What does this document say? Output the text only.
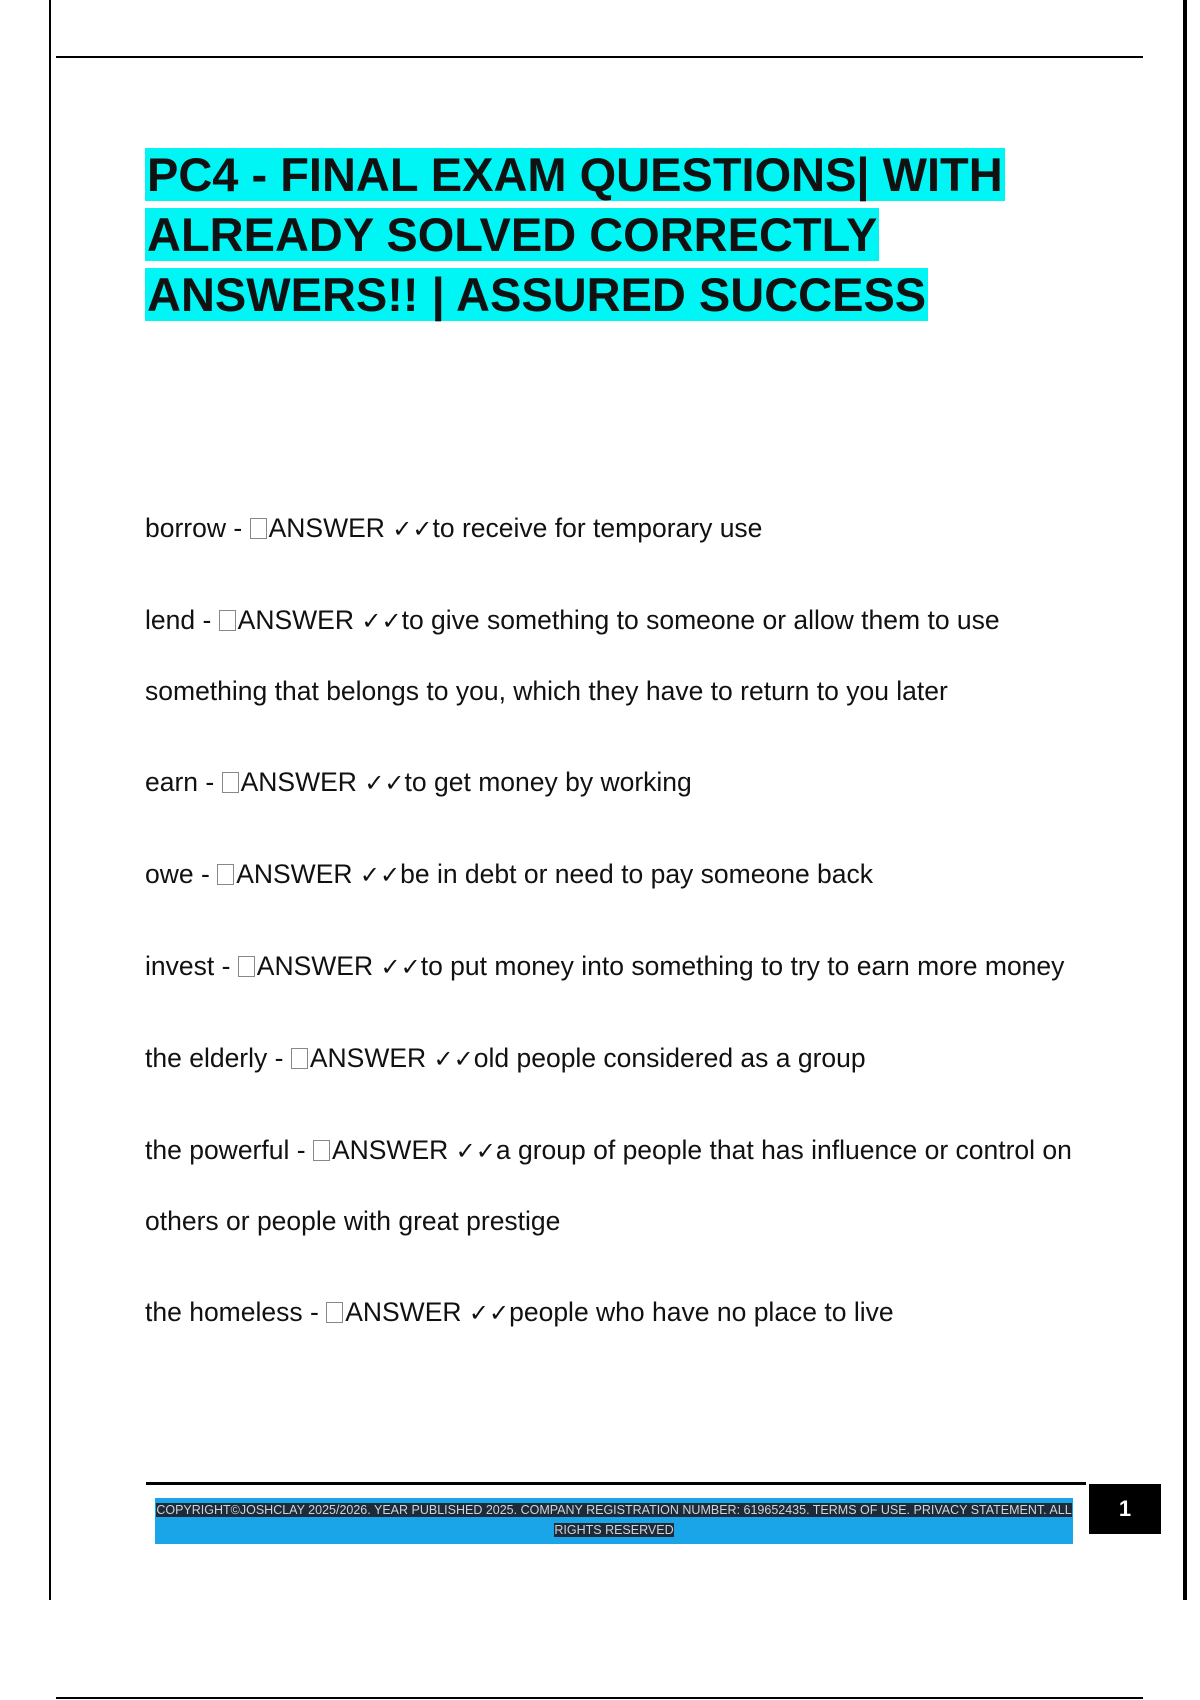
PC4 - FINAL EXAM QUESTIONS| WITH ALREADY SOLVED CORRECTLY ANSWERS!! | ASSURED SUCCESS

borrow - ANSWER ✓✓to receive for temporary use

lend - ANSWER ✓✓to give something to someone or allow them to use something that belongs to you, which they have to return to you later

earn - ANSWER ✓✓to get money by working

owe - ANSWER ✓✓be in debt or need to pay someone back

invest - ANSWER ✓✓to put money into something to try to earn more money

the elderly - ANSWER ✓✓old people considered as a group

the powerful - ANSWER ✓✓a group of people that has influence or control on others or people with great prestige

the homeless - ANSWER ✓✓people who have no place to live

COPYRIGHT©JOSHCLAY 2025/2026. YEAR PUBLISHED 2025. COMPANY REGISTRATION NUMBER: 619652435. TERMS OF USE. PRIVACY STATEMENT. ALL RIGHTS RESERVED
1
